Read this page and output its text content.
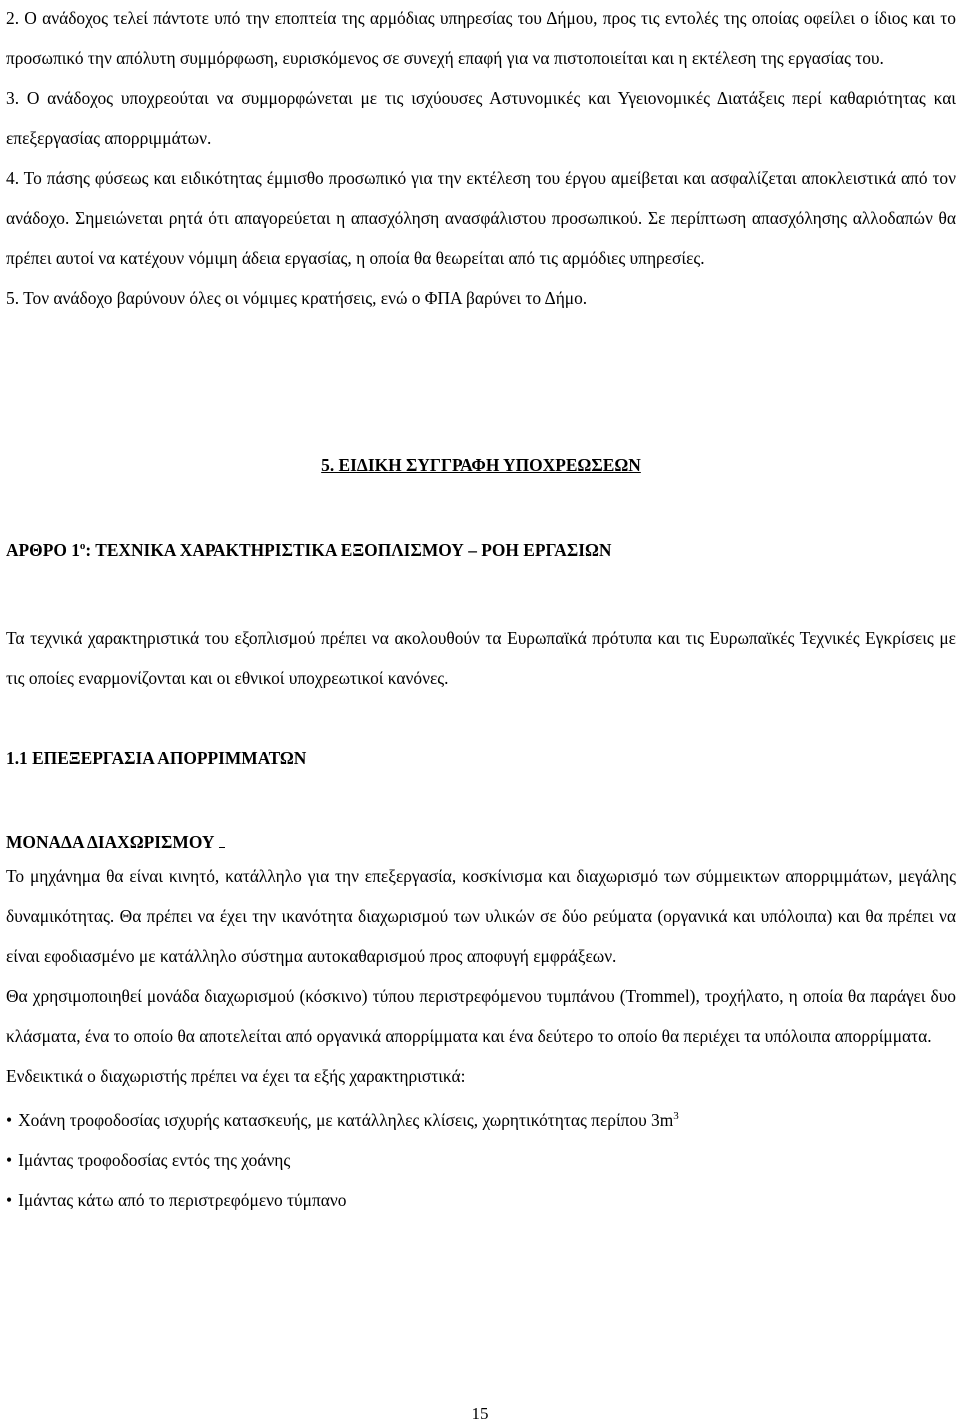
2. Ο ανάδοχος τελεί πάντοτε υπό την εποπτεία της αρμόδιας υπηρεσίας του Δήμου, προς τις εντολές της οποίας οφείλει ο ίδιος και το προσωπικό την απόλυτη συμμόρφωση, ευρισκόμενος σε συνεχή επαφή για να πιστοποιείται και η εκτέλεση της εργασίας του.

3. Ο ανάδοχος υποχρεούται να συμμορφώνεται με τις ισχύουσες Αστυνομικές και Υγειονομικές Διατάξεις περί καθαριότητας και επεξεργασίας απορριμμάτων.

4. Το πάσης φύσεως και ειδικότητας έμμισθο προσωπικό για την εκτέλεση του έργου αμείβεται και ασφαλίζεται αποκλειστικά από τον ανάδοχο. Σημειώνεται ρητά ότι απαγορεύεται η απασχόληση ανασφάλιστου προσωπικού. Σε περίπτωση απασχόλησης αλλοδαπών θα πρέπει αυτοί να κατέχουν νόμιμη άδεια εργασίας, η οποία θα θεωρείται από τις αρμόδιες υπηρεσίες.

5. Τον ανάδοχο βαρύνουν όλες οι νόμιμες κρατήσεις, ενώ ο ΦΠΑ βαρύνει το Δήμο.

5. ΕΙΔΙΚΗ ΣΥΓΓΡΑΦΗ ΥΠΟΧΡΕΩΣΕΩΝ

ΑΡΘΡΟ $1^o$: ΤΕΧΝΙΚΑ ΧΑΡΑΚΤΗΡΙΣΤΙΚΑ ΕΞΟΠΛΙΣΜΟΥ – ΡΟΗ ΕΡΓΑΣΙΩΝ

Τα τεχνικά χαρακτηριστικά του εξοπλισμού πρέπει να ακολουθούν τα Ευρωπαϊκά πρότυπα και τις Ευρωπαϊκές Τεχνικές Εγκρίσεις με τις οποίες εναρμονίζονται και οι εθνικοί υποχρεωτικοί κανόνες.

1.1 ΕΠΕΞΕΡΓΑΣΙΑ ΑΠΟΡΡΙΜΜΑΤΩΝ

ΜΟΝΑΔΑ ΔΙΑΧΩΡΙΣΜΟΥ

Το μηχάνημα θα είναι κινητό, κατάλληλο για την επεξεργασία, κοσκίνισμα και διαχωρισμό των σύμμεικτων απορριμμάτων, μεγάλης δυναμικότητας. Θα πρέπει να έχει την ικανότητα διαχωρισμού των υλικών σε δύο ρεύματα (οργανικά και υπόλοιπα) και θα πρέπει να είναι εφοδιασμένο με κατάλληλο σύστημα αυτοκαθαρισμού προς αποφυγή εμφράξεων.

Θα χρησιμοποιηθεί μονάδα διαχωρισμού (κόσκινο) τύπου περιστρεφόμενου τυμπάνου (Trommel), τροχήλατο, η οποία θα παράγει δυο κλάσματα, ένα το οποίο θα αποτελείται από οργανικά απορρίμματα και ένα δεύτερο το οποίο θα περιέχει τα υπόλοιπα απορρίμματα.

Ενδεικτικά ο διαχωριστής πρέπει να έχει τα εξής χαρακτηριστικά:

• Χοάνη τροφοδοσίας ισχυρής κατασκευής, με κατάλληλες κλίσεις, χωρητικότητας περίπου $3m^3$
• Ιμάντας τροφοδοσίας εντός της χοάνης
• Ιμάντας κάτω από το περιστρεφόμενο τύμπανο
15
